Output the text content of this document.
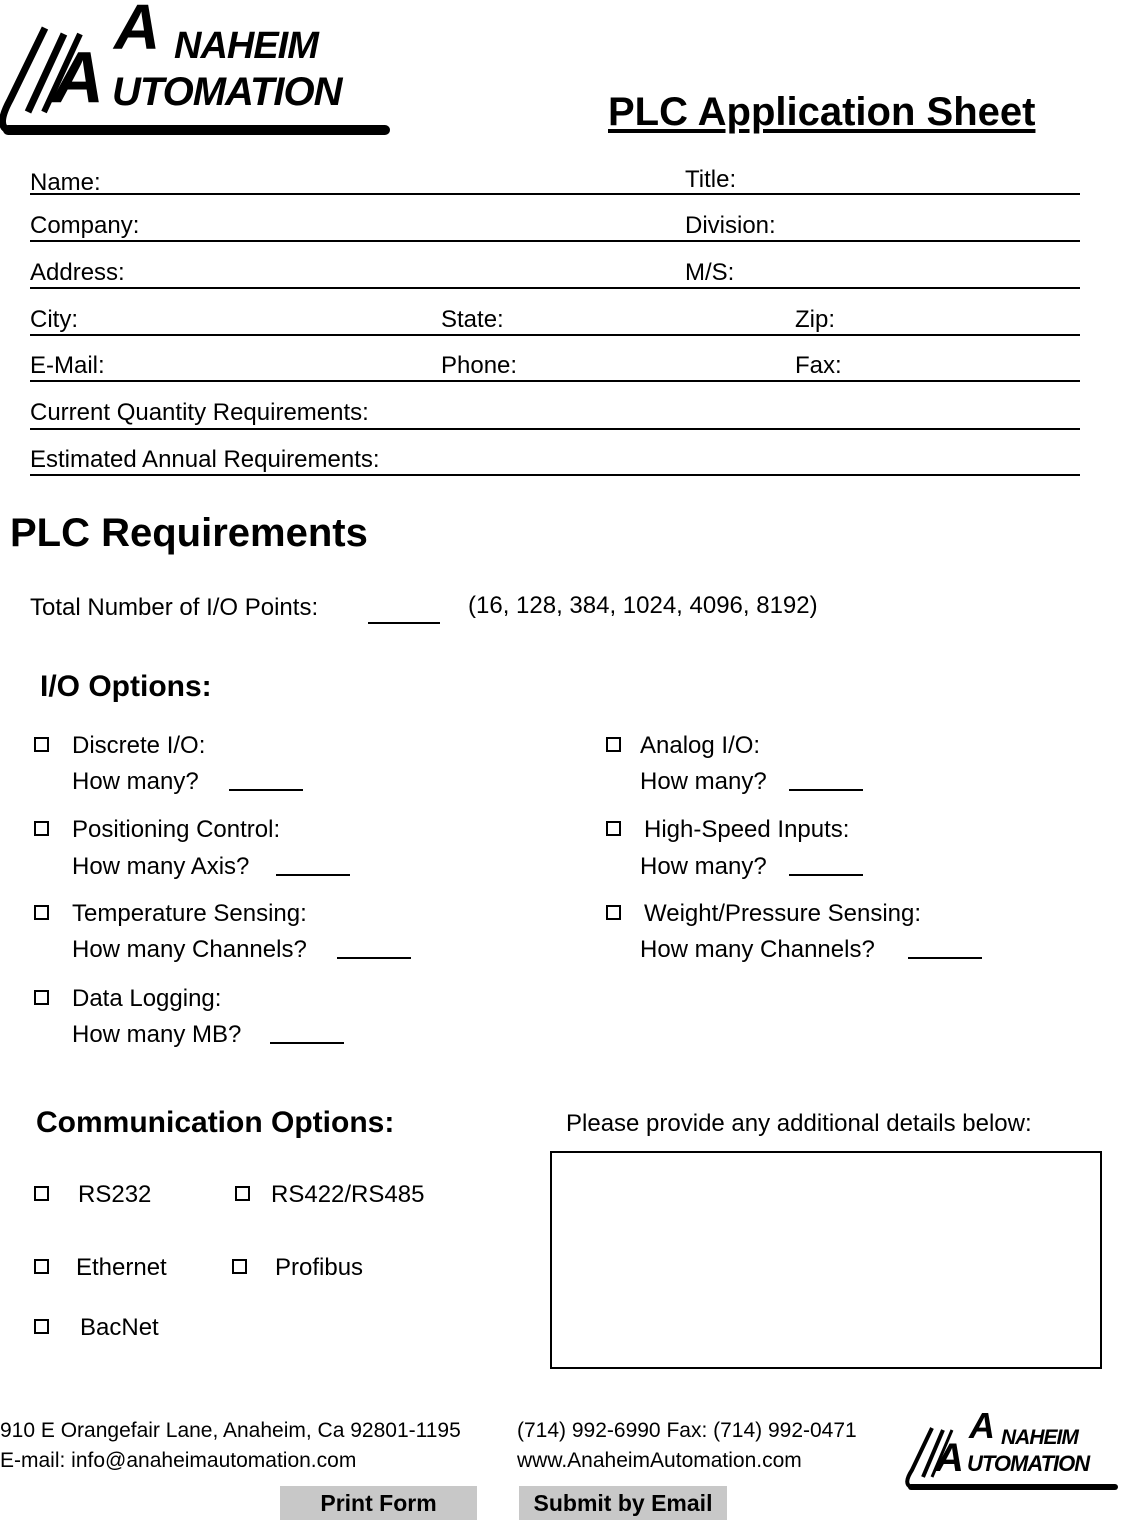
A
A NAHEIM
UTOMATION	PLC Application Sheet
Name:	Title:
Company:	Division:
Address:	M/S:
City:	State:	Zip:
E-Mail:	Phone:	Fax:
Current Quantity Requirements:
Estimated Annual Requirements:
PLC Requirements
Total Number of I/O Points:	(16, 128, 384, 1024, 4096, 8192)
I/O Options:
Discrete I/O:
How many?
Analog I/O:
How many?
Positioning Control:
How many Axis?
High-Speed Inputs:
How many?
Temperature Sensing:
How many Channels?
Weight/Pressure Sensing:
How many Channels?
Data Logging:
How many MB?
Communication Options:	Please provide any additional details below:
RS232	RS422/RS485
Ethernet	Profibus
BacNet
910 E Orangefair Lane, Anaheim, Ca 92801-1195
E-mail: info@anaheimautomation.com
(714) 992-6990 Fax: (714) 992-0471
www.AnaheimAutomation.com
A
A NAHEIM
UTOMATION
Print Form	Submit by Email
